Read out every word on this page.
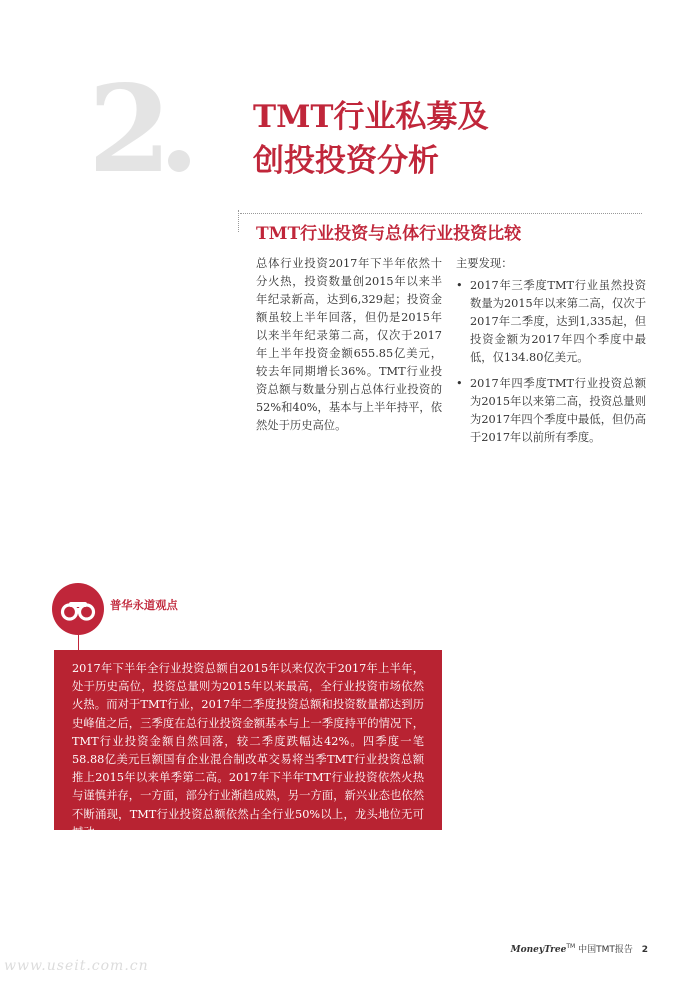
2	TMT行业私募及
创投投资分析
TMT行业投资与总体行业投资比较
总体行业投资2017年下半年依然十分火热，投资数量创2015年以来半年纪录新高，达到6,329起；投资金额虽较上半年回落，但仍是2015年以来半年纪录第二高，仅次于2017年上半年投资金额655.85亿美元，较去年同期增长36%。TMT行业投资总额与数量分别占总体行业投资的52%和40%，基本与上半年持平，依然处于历史高位。

主要发现：

• 2017年三季度TMT行业虽然投资数量为2015年以来第二高，仅次于2017年二季度，达到1,335起，但投资金额为2017年四个季度中最低，仅134.80亿美元。
• 2017年四季度TMT行业投资总额为2015年以来第二高，投资总量则为2017年四个季度中最低，但仍高于2017年以前所有季度。
普华永道观点

2017年下半年全行业投资总额自2015年以来仅次于2017年上半年，处于历史高位，投资总量则为2015年以来最高，全行业投资市场依然火热。而对于TMT行业，2017年二季度投资总额和投资数量都达到历史峰值之后，三季度在总行业投资金额基本与上一季度持平的情况下，TMT行业投资金额自然回落，较二季度跌幅达42%。四季度一笔58.88亿美元巨额国有企业混合制改革交易将当季TMT行业投资总额推上2015年以来单季第二高。2017年下半年TMT行业投资依然火热与谨慎并存，一方面，部分行业渐趋成熟，另一方面，新兴业态也依然不断涌现，TMT行业投资总额依然占全行业50%以上，龙头地位无可撼动。

MoneyTree™ 中国TMT报告 2
www.useit.com.cn
